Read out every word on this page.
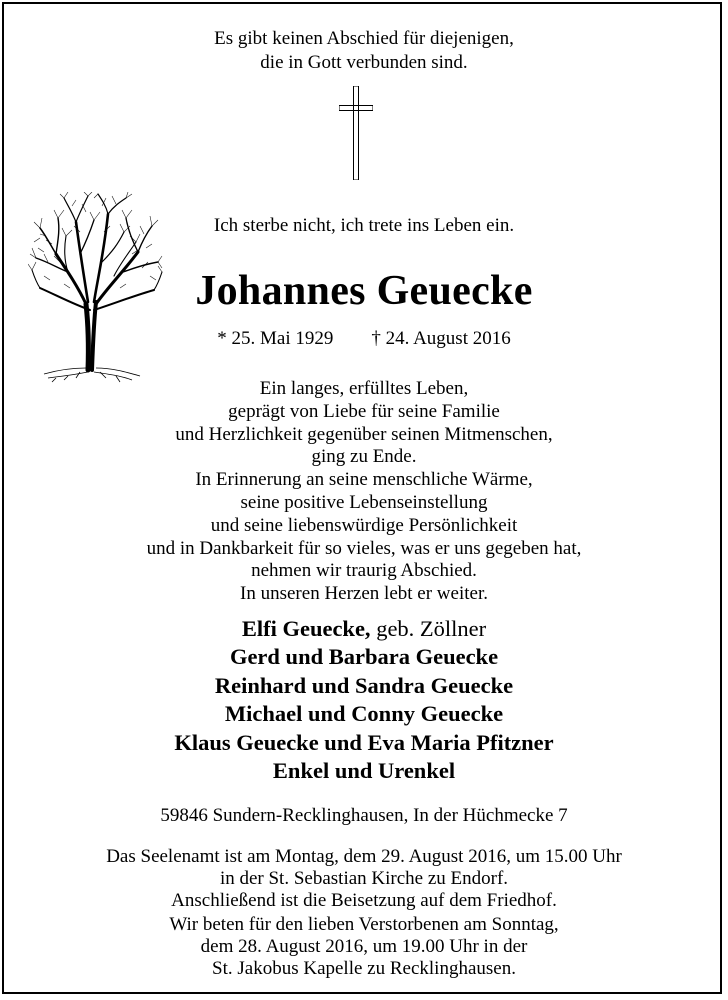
Es gibt keinen Abschied für diejenigen,
die in Gott verbunden sind.
Ich sterbe nicht, ich trete ins Leben ein.
Johannes Geuecke
* 25. Mai 1929 † 24. August 2016
Ein langes, erfülltes Leben,
geprägt von Liebe für seine Familie
und Herzlichkeit gegenüber seinen Mitmenschen,
ging zu Ende.
In Erinnerung an seine menschliche Wärme,
seine positive Lebenseinstellung
und seine liebenswürdige Persönlichkeit
und in Dankbarkeit für so vieles, was er uns gegeben hat,
nehmen wir traurig Abschied.
In unseren Herzen lebt er weiter.
Elfi Geuecke, geb. Zöllner
Gerd und Barbara Geuecke
Reinhard und Sandra Geuecke
Michael und Conny Geuecke
Klaus Geuecke und Eva Maria Pfitzner
Enkel und Urenkel
59846 Sundern-Recklinghausen, In der Hüchmecke 7
Das Seelenamt ist am Montag, dem 29. August 2016, um 15.00 Uhr
in der St. Sebastian Kirche zu Endorf.
Anschließend ist die Beisetzung auf dem Friedhof.
Wir beten für den lieben Verstorbenen am Sonntag,
dem 28. August 2016, um 19.00 Uhr in der
St. Jakobus Kapelle zu Recklinghausen.
